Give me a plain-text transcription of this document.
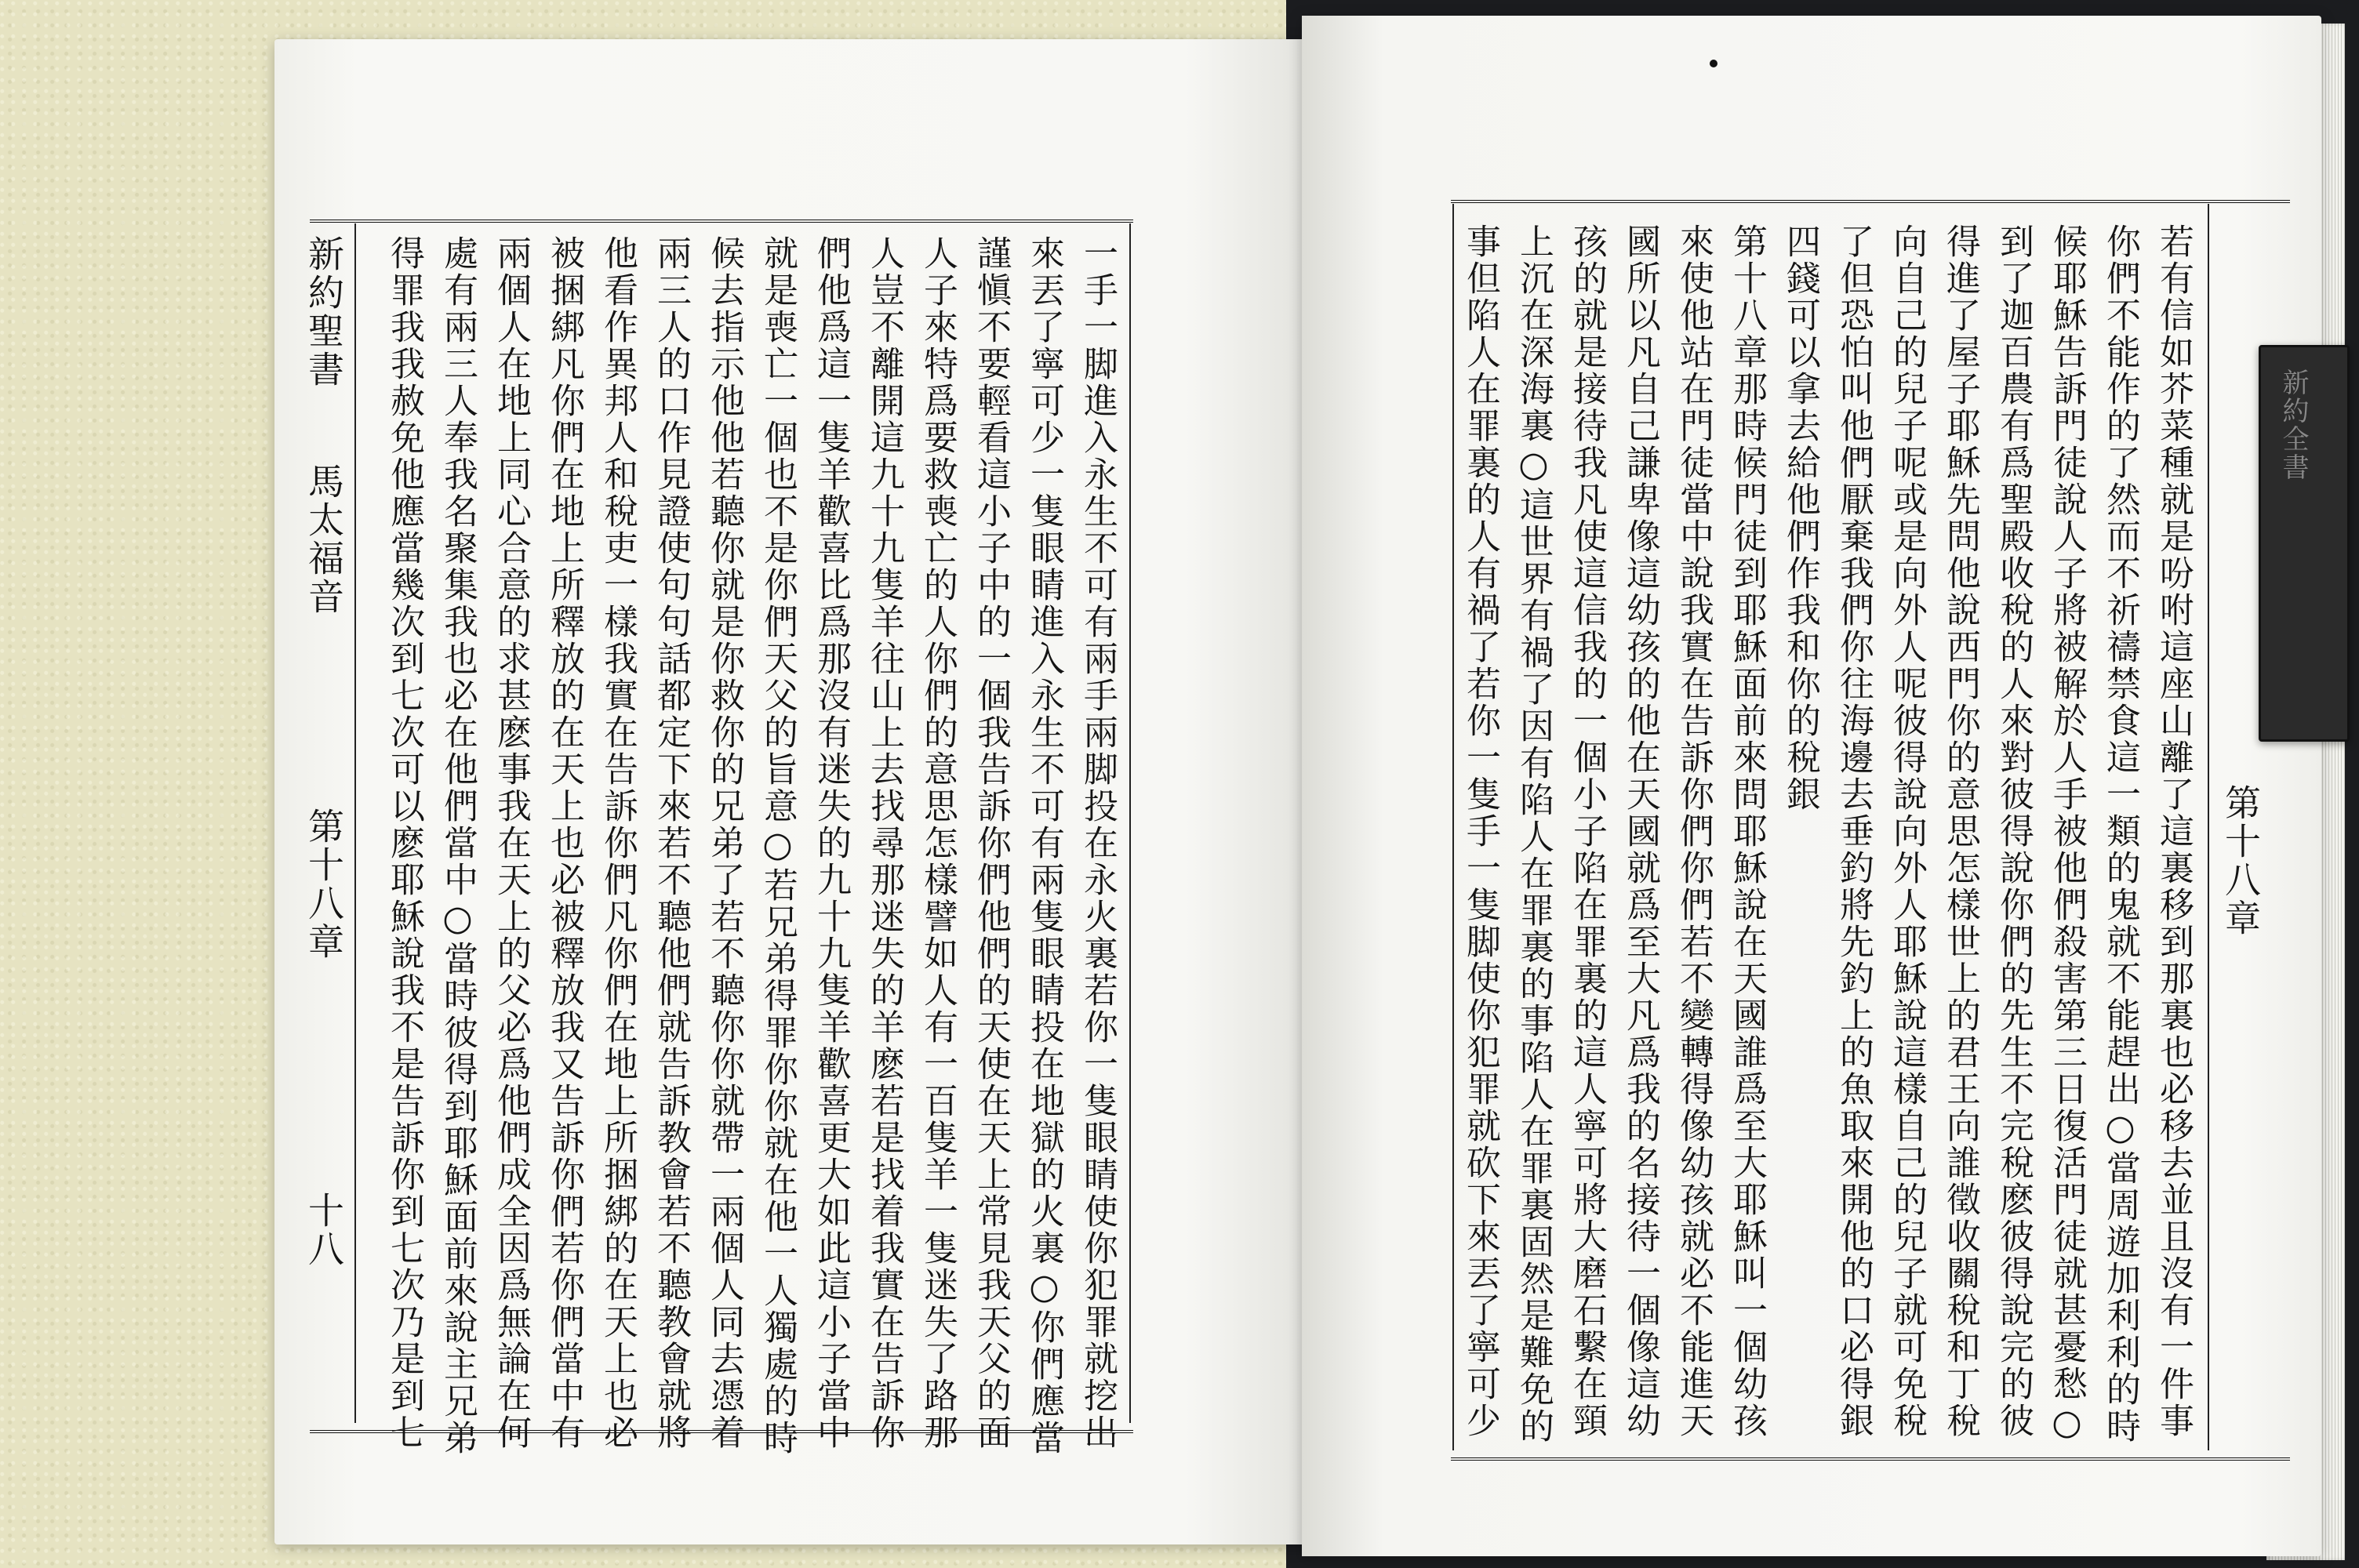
新約聖書
馬太福音
第十八章
十八	一手一脚進入永生不可有兩手兩脚投在永火裏若你一隻眼睛使你犯罪就挖出
來丟了寧可少一隻眼睛進入永生不可有兩隻眼睛投在地獄的火裏○你們應當
謹愼不要輕看這小子中的一個我告訴你們他們的天使在天上常見我天父的面
人子來特爲要救喪亡的人你們的意思怎樣譬如人有一百隻羊一隻迷失了路那
人豈不離開這九十九隻羊往山上去找尋那迷失的羊麽若是找着我實在告訴你
們他爲這一隻羊歡喜比爲那沒有迷失的九十九隻羊歡喜更大如此這小子當中
就是喪亡一個也不是你們天父的旨意○若兄弟得罪你你就在他一人獨處的時
候去指示他他若聽你就是你救你的兄弟了若不聽你你就帶一兩個人同去憑着
兩三人的口作見證使句句話都定下來若不聽他們就告訴教會若不聽教會就將
他看作異邦人和稅吏一樣我實在告訴你們凡你們在地上所捆綁的在天上也必
被捆綁凡你們在地上所釋放的在天上也必被釋放我又告訴你們若你們當中有
兩個人在地上同心合意的求甚麽事我在天上的父必爲他們成全因爲無論在何
處有兩三人奉我名聚集我也必在他們當中○當時彼得到耶穌面前來說主兄弟
得罪我我赦免他應當幾次到七次可以麽耶穌說我不是告訴你到七次乃是到七	第十八章
若有信如芥菜種就是吩咐這座山離了這裏移到那裏也必移去並且沒有一件事
你們不能作的了然而不祈禱禁食這一類的鬼就不能趕出○當周遊加利利的時
候耶穌告訴門徒說人子將被解於人手被他們殺害第三日復活門徒就甚憂愁○
到了迦百農有爲聖殿收稅的人來對彼得說你們的先生不完稅麽彼得說完的彼
得進了屋子耶穌先問他說西門你的意思怎樣世上的君王向誰徵收關稅和丁稅
向自己的兒子呢或是向外人呢彼得說向外人耶穌說這樣自己的兒子就可免稅
了但恐怕叫他們厭棄我們你往海邊去垂釣將先釣上的魚取來開他的口必得銀
四錢可以拿去給他們作我和你的稅銀
第十八章那時候門徒到耶穌面前來問耶穌說在天國誰爲至大耶穌叫一個幼孩
來使他站在門徒當中說我實在告訴你們你們若不變轉得像幼孩就必不能進天
國所以凡自己謙卑像這幼孩的他在天國就爲至大凡爲我的名接待一個像這幼
孩的就是接待我凡使這信我的一個小子陷在罪裏的這人寧可將大磨石繫在頸
上沉在深海裏○這世界有禍了因有陷人在罪裏的事陷人在罪裏固然是難免的
事但陷人在罪裏的人有禍了若你一隻手一隻脚使你犯罪就砍下來丟了寧可少	新約全書
